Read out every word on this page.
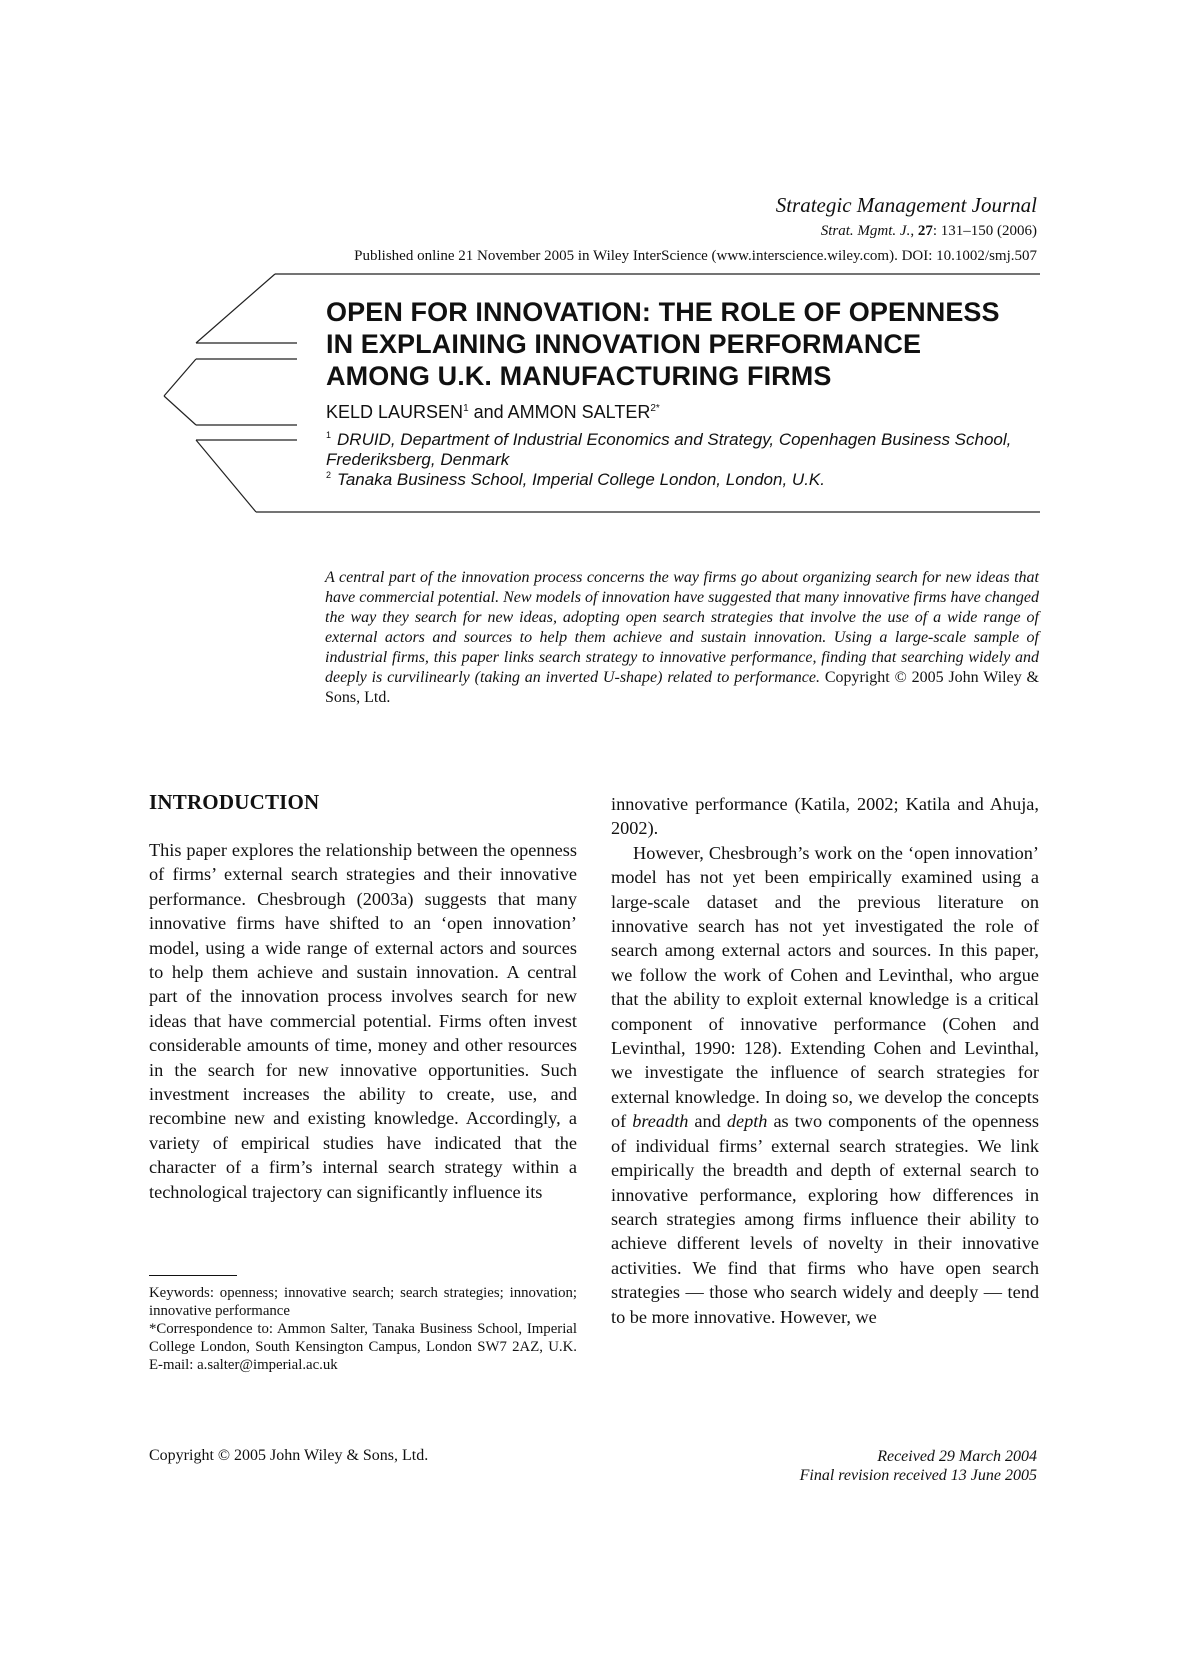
Strategic Management Journal
Strat. Mgmt. J., 27: 131–150 (2006)
Published online 21 November 2005 in Wiley InterScience (www.interscience.wiley.com). DOI: 10.1002/smj.507
OPEN FOR INNOVATION: THE ROLE OF OPENNESS
IN EXPLAINING INNOVATION PERFORMANCE
AMONG U.K. MANUFACTURING FIRMS
KELD LAURSEN$^1$ and AMMON $SALTER^{2*}$
$^1$ DRUID, Department of Industrial Economics and Strategy, Copenhagen Business School, Frederiksberg, Denmark
$^2$ Tanaka Business School, Imperial College London, London, U.K.
A central part of the innovation process concerns the way firms go about organizing search for new ideas that have commercial potential. New models of innovation have suggested that many innovative firms have changed the way they search for new ideas, adopting open search strategies that involve the use of a wide range of external actors and sources to help them achieve and sustain innovation. Using a large-scale sample of industrial firms, this paper links search strategy to innovative performance, finding that searching widely and deeply is curvilinearly (taking an inverted U-shape) related to performance. Copyright © 2005 John Wiley & Sons, Ltd.
INTRODUCTION

This paper explores the relationship between the openness of firms’ external search strategies and their innovative performance. Chesbrough (2003a) suggests that many innovative firms have shifted to an ‘open innovation’ model, using a wide range of external actors and sources to help them achieve and sustain innovation. A central part of the innovation process involves search for new ideas that have commercial potential. Firms often invest considerable amounts of time, money and other resources in the search for new innovative opportunities. Such investment increases the ability to create, use, and recombine new and existing knowledge. Accordingly, a variety of empirical studies have indicated that the character of a firm’s internal search strategy within a technological trajectory can significantly influence its

innovative performance (Katila, 2002; Katila and Ahuja, 2002).

However, Chesbrough’s work on the ‘open innovation’ model has not yet been empirically examined using a large-scale dataset and the previous literature on innovative search has not yet investigated the role of search among external actors and sources. In this paper, we follow the work of Cohen and Levinthal, who argue that the ability to exploit external knowledge is a critical component of innovative performance (Cohen and Levinthal, 1990: 128). Extending Cohen and Levinthal, we investigate the influence of search strategies for external knowledge. In doing so, we develop the concepts of breadth and depth as two components of the openness of individual firms’ external search strategies. We link empirically the breadth and depth of external search to innovative performance, exploring how differences in search strategies among firms influence their ability to achieve different levels of novelty in their innovative activities. We find that firms who have open search strategies — those who search widely and deeply — tend to be more innovative. However, we

Keywords: openness; innovative search; search strategies; innovation; innovative performance

*Correspondence to: Ammon Salter, Tanaka Business School, Imperial College London, South Kensington Campus, London SW7 2AZ, U.K. E-mail: a.salter@imperial.ac.uk

Copyright © 2005 John Wiley & Sons, Ltd.	Received 29 March 2004
Final revision received 13 June 2005
